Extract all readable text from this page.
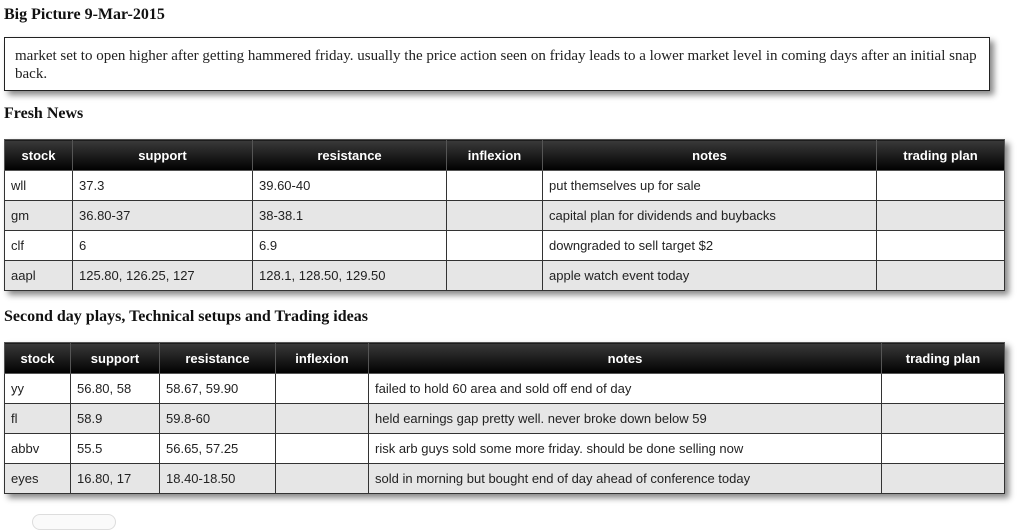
Big Picture 9-Mar-2015
market set to open higher after getting hammered friday. usually the price action seen on friday leads to a lower market level in coming days after an initial snap back.
Fresh News
stock	support	resistance	inflexion	notes	trading plan
wll	37.3	39.60-40		put themselves up for sale	
gm	36.80-37	38-38.1		capital plan for dividends and buybacks	
clf	6	6.9		downgraded to sell target $2	
aapl	125.80, 126.25, 127	128.1, 128.50, 129.50		apple watch event today	
Second day plays, Technical setups and Trading ideas
stock	support	resistance	inflexion	notes	trading plan
yy	56.80, 58	58.67, 59.90		failed to hold 60 area and sold off end of day	
fl	58.9	59.8-60		held earnings gap pretty well. never broke down below 59	
abbv	55.5	56.65, 57.25		risk arb guys sold some more friday. should be done selling now	
eyes	16.80, 17	18.40-18.50		sold in morning but bought end of day ahead of conference today	
